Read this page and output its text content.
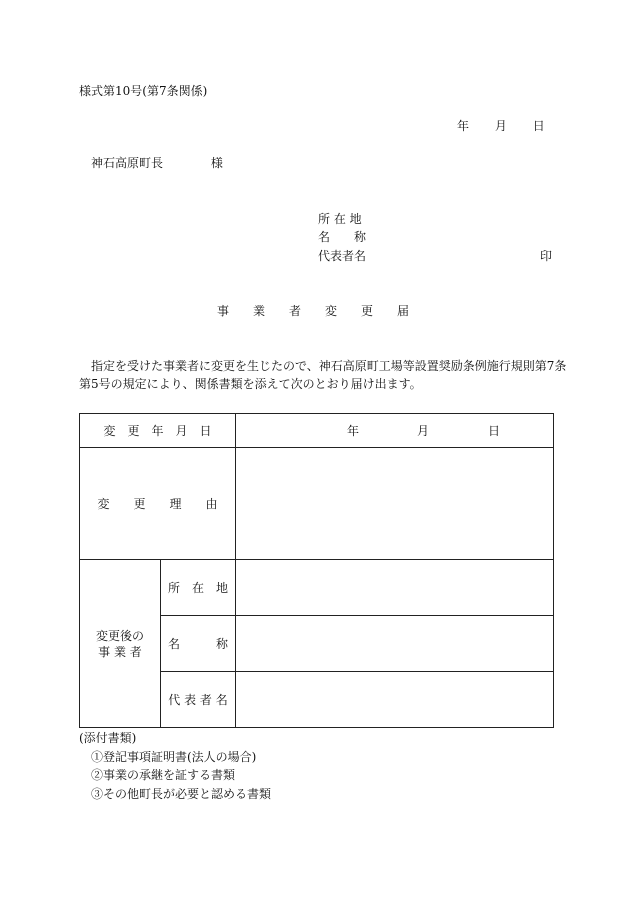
様式第10号(第7条関係)
年 月 日
神石高原町長	様
所 在 地
名　　称
代表者名	印
事　　業　　者　　変　　更　　届
指定を受けた事業者に変更を生じたので、神石高原町工場等設置奨励条例施行規則第7条
第5号の規定により、関係書類を添えて次のとおり届け出ます。
変　更　年　月　日		年 月 日

変　　更　　理　　由		

変更後の
事 業 者	所　在　地	
	名　　　称	
	代 表 者 名	
(添付書類)
①登記事項証明書(法人の場合)
②事業の承継を証する書類
③その他町長が必要と認める書類
